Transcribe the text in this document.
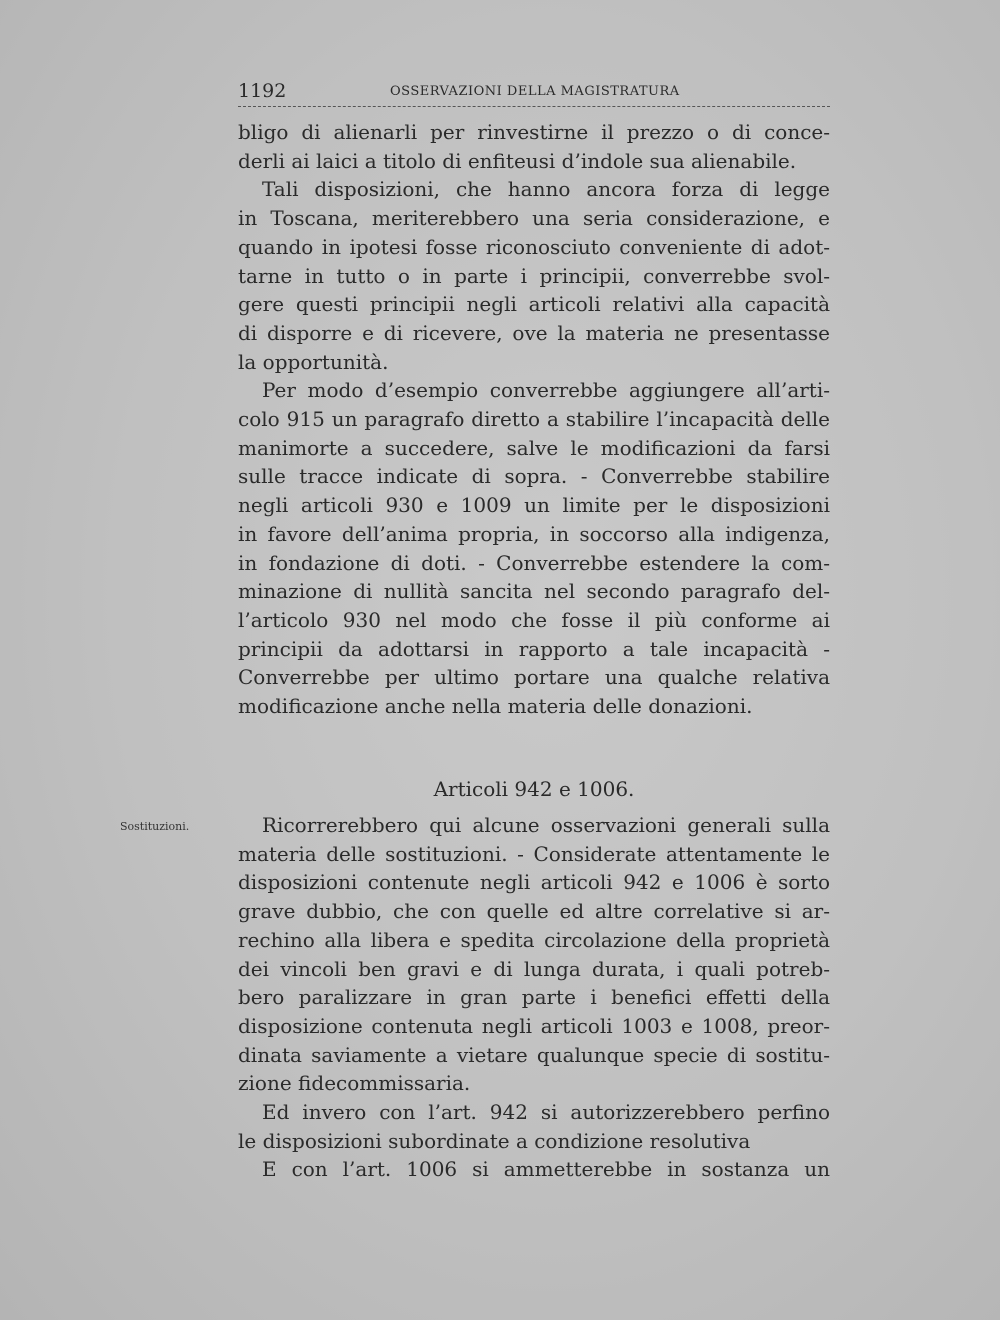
1192	OSSERVAZIONI DELLA MAGISTRATURA
bligo di alienarli per rinvestirne il prezzo o di conce-
derli ai laici a titolo di enfiteusi d’indole sua alienabile.
Tali disposizioni, che hanno ancora forza di legge
in Toscana, meriterebbero una seria considerazione, e
quando in ipotesi fosse riconosciuto conveniente di adot-
tarne in tutto o in parte i principii, converrebbe svol-
gere questi principii negli articoli relativi alla capacità
di disporre e di ricevere, ove la materia ne presentasse
la opportunità.
Per modo d’esempio converrebbe aggiungere all’arti-
colo 915 un paragrafo diretto a stabilire l’incapacità delle
manimorte a succedere, salve le modificazioni da farsi
sulle tracce indicate di sopra. - Converrebbe stabilire
negli articoli 930 e 1009 un limite per le disposizioni
in favore dell’anima propria, in soccorso alla indigenza,
in fondazione di doti. - Converrebbe estendere la com-
minazione di nullità sancita nel secondo paragrafo del-
l’articolo 930 nel modo che fosse il più conforme ai
principii da adottarsi in rapporto a tale incapacità -
Converrebbe per ultimo portare una qualche relativa
modificazione anche nella materia delle donazioni.
Articoli 942 e 1006.
Sostituzioni.	Ricorrerebbero qui alcune osservazioni generali sulla
materia delle sostituzioni. - Considerate attentamente le
disposizioni contenute negli articoli 942 e 1006 è sorto
grave dubbio, che con quelle ed altre correlative si ar-
rechino alla libera e spedita circolazione della proprietà
dei vincoli ben gravi e di lunga durata, i quali potreb-
bero paralizzare in gran parte i benefici effetti della
disposizione contenuta negli articoli 1003 e 1008, preor-
dinata saviamente a vietare qualunque specie di sostitu-
zione fidecommissaria.
Ed invero con l’art. 942 si autorizzerebbero perfino
le disposizioni subordinate a condizione resolutiva
E con l’art. 1006 si ammetterebbe in sostanza un
